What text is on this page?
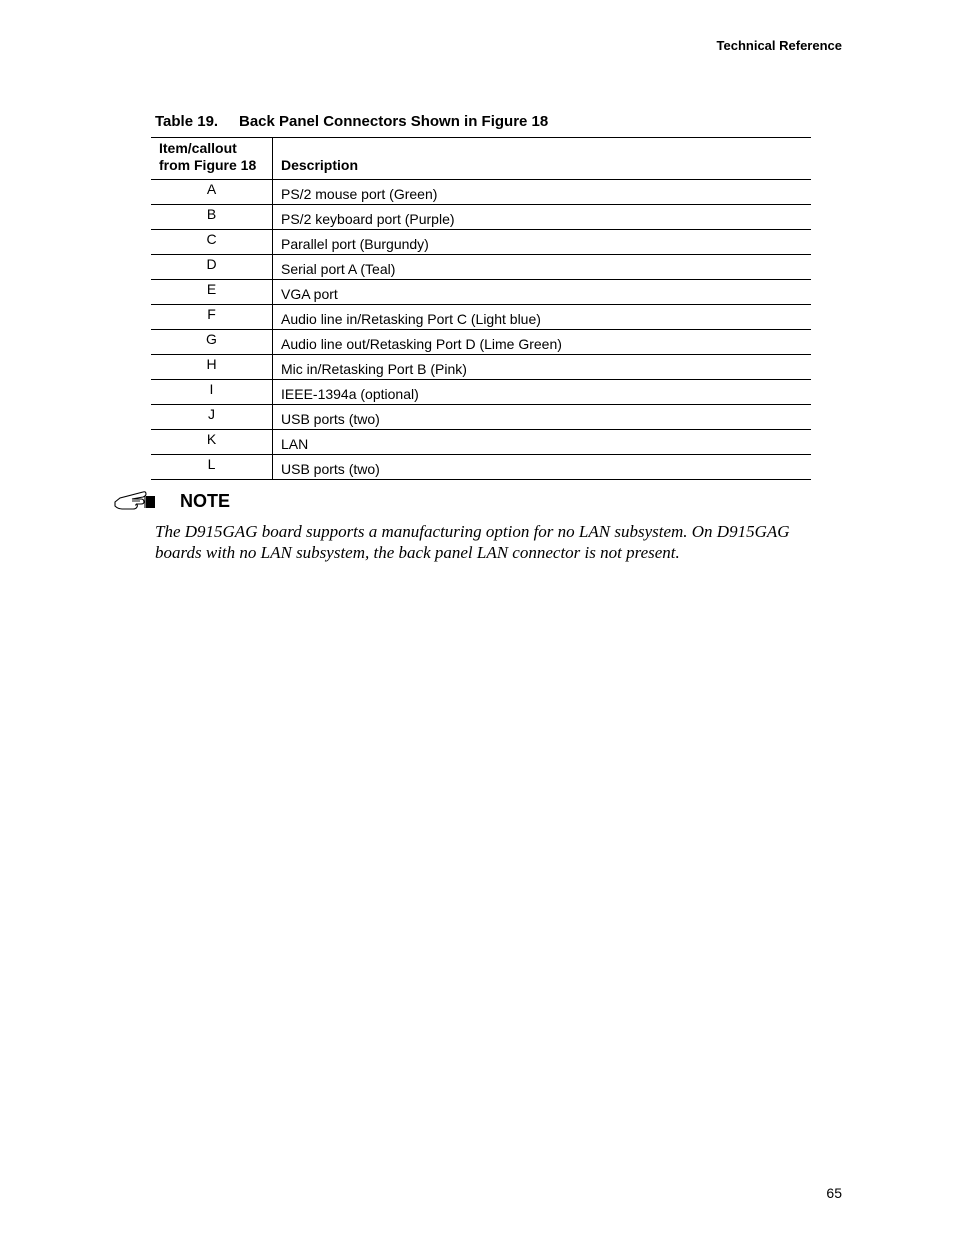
Technical Reference
Table 19. Back Panel Connectors Shown in Figure 18
Item/callout
from Figure 18	Description
A	PS/2 mouse port (Green)
B	PS/2 keyboard port (Purple)
C	Parallel port (Burgundy)
D	Serial port A (Teal)
E	VGA port
F	Audio line in/Retasking Port C (Light blue)
G	Audio line out/Retasking Port D (Lime Green)
H	Mic in/Retasking Port B (Pink)
I	IEEE-1394a (optional)
J	USB ports (two)
K	LAN
L	USB ports (two)
NOTE
The D915GAG board supports a manufacturing option for no LAN subsystem. On D915GAG boards with no LAN subsystem, the back panel LAN connector is not present.
65
